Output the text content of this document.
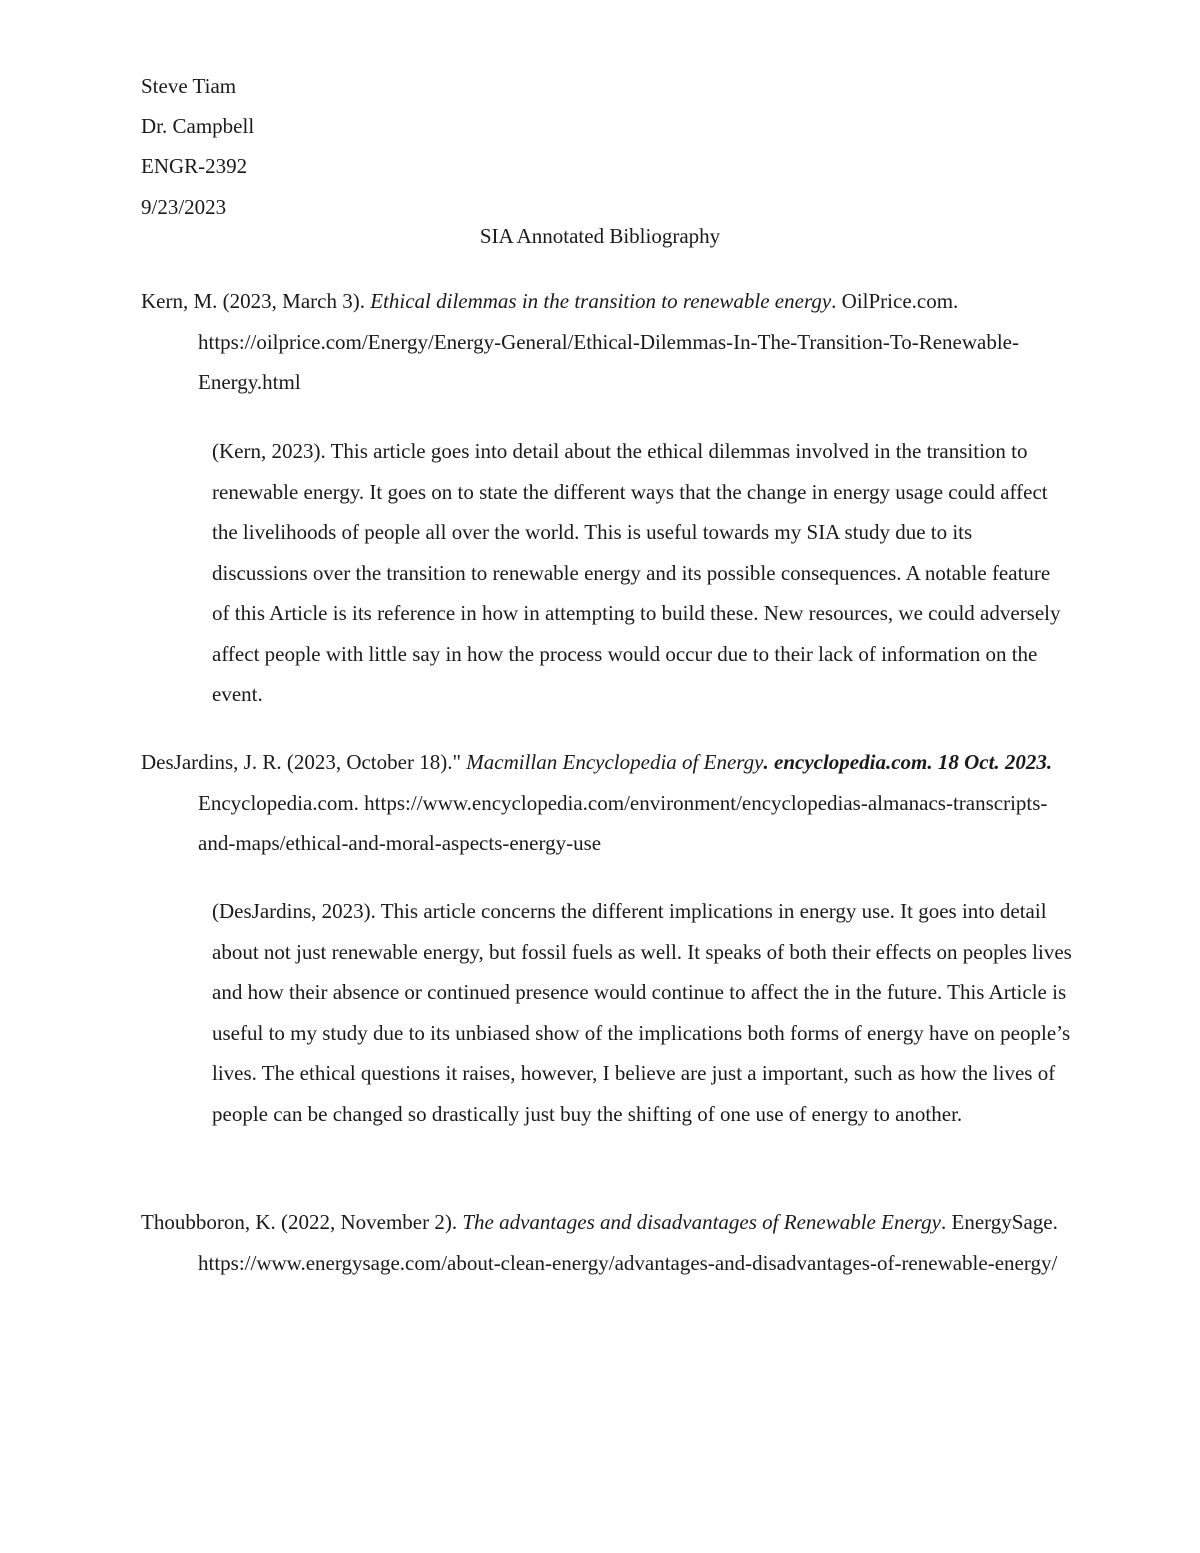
Steve Tiam
Dr. Campbell
ENGR-2392
9/23/2023
SIA Annotated Bibliography
Kern, M. (2023, March 3). Ethical dilemmas in the transition to renewable energy. OilPrice.com. https://oilprice.com/Energy/Energy-General/Ethical-Dilemmas-In-The-Transition-To-Renewable-Energy.html
(Kern, 2023). This article goes into detail about the ethical dilemmas involved in the transition to renewable energy. It goes on to state the different ways that the change in energy usage could affect the livelihoods of people all over the world. This is useful towards my SIA study due to its discussions over the transition to renewable energy and its possible consequences. A notable feature of this Article is its reference in how in attempting to build these. New resources, we could adversely affect people with little say in how the process would occur due to their lack of information on the event.
DesJardins, J. R. (2023, October 18)." Macmillan Encyclopedia of Energy. encyclopedia.com. 18 Oct. 2023. Encyclopedia.com. https://www.encyclopedia.com/environment/encyclopedias-almanacs-transcripts-and-maps/ethical-and-moral-aspects-energy-use
(DesJardins, 2023). This article concerns the different implications in energy use. It goes into detail about not just renewable energy, but fossil fuels as well. It speaks of both their effects on peoples lives and how their absence or continued presence would continue to affect the in the future. This Article is useful to my study due to its unbiased show of the implications both forms of energy have on people’s lives. The ethical questions it raises, however, I believe are just a important, such as how the lives of people can be changed so drastically just buy the shifting of one use of energy to another.
Thoubboron, K. (2022, November 2). The advantages and disadvantages of Renewable Energy. EnergySage. https://www.energysage.com/about-clean-energy/advantages-and-disadvantages-of-renewable-energy/
